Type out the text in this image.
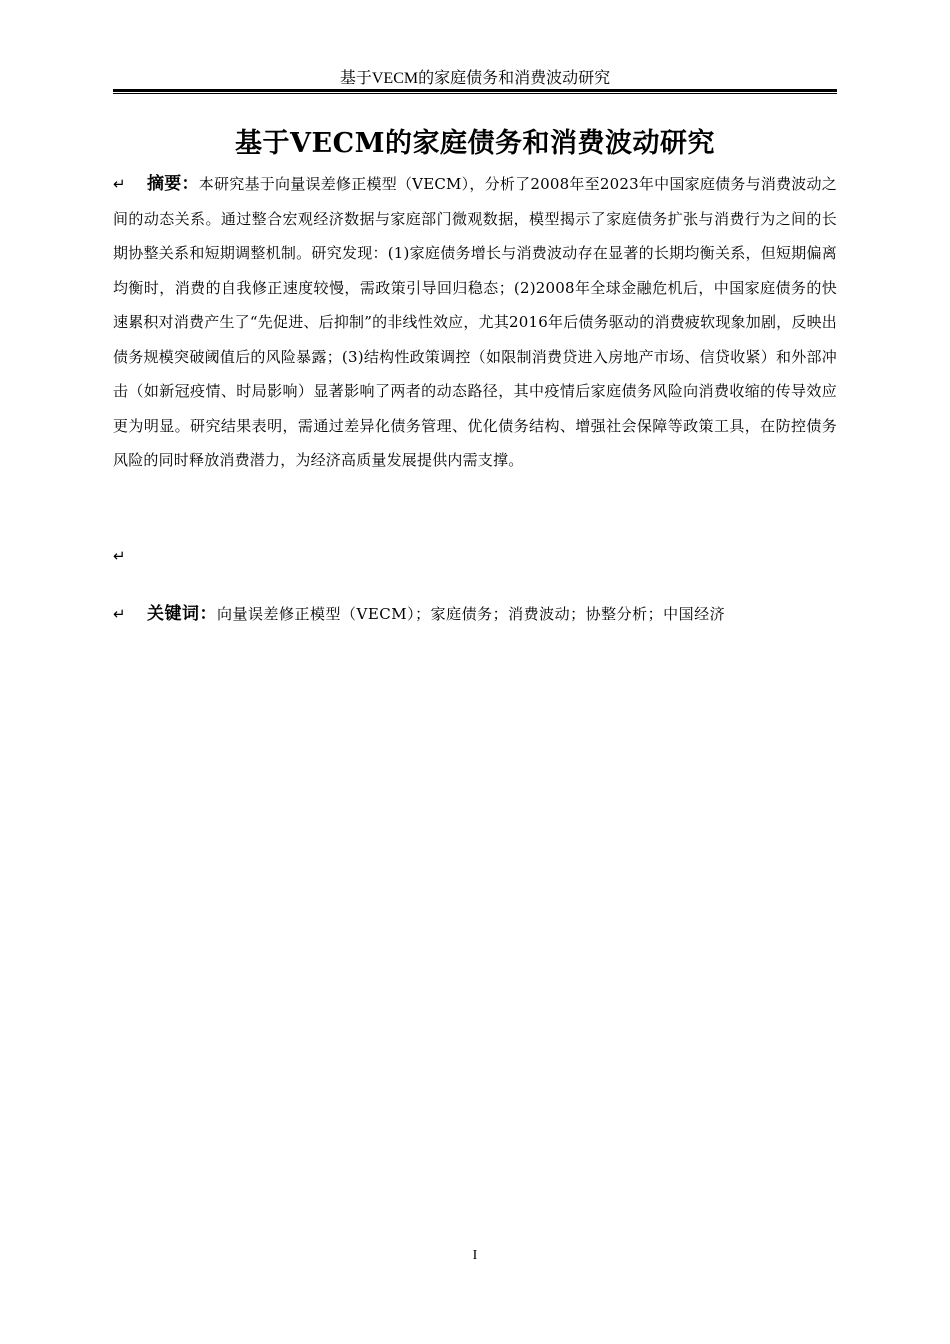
基于VECM的家庭债务和消费波动研究
基于VECM的家庭债务和消费波动研究
↵ 摘要：本研究基于向量误差修正模型（VECM），分析了2008年至2023年中国家庭债务与消费波动之间的动态关系。通过整合宏观经济数据与家庭部门微观数据，模型揭示了家庭债务扩张与消费行为之间的长期协整关系和短期调整机制。研究发现：(1)家庭债务增长与消费波动存在显著的长期均衡关系，但短期偏离均衡时，消费的自我修正速度较慢，需政策引导回归稳态；(2)2008年全球金融危机后，中国家庭债务的快速累积对消费产生了“先促进、后抑制”的非线性效应，尤其2016年后债务驱动的消费疲软现象加剧，反映出债务规模突破阈值后的风险暴露；(3)结构性政策调控（如限制消费贷进入房地产市场、信贷收紧）和外部冲击（如新冠疫情、时局影响）显著影响了两者的动态路径，其中疫情后家庭债务风险向消费收缩的传导效应更为明显。研究结果表明，需通过差异化债务管理、优化债务结构、增强社会保障等政策工具，在防控债务风险的同时释放消费潜力，为经济高质量发展提供内需支撑。
↵
↵ 关键词：向量误差修正模型（VECM）；家庭债务；消费波动；协整分析；中国经济
I
